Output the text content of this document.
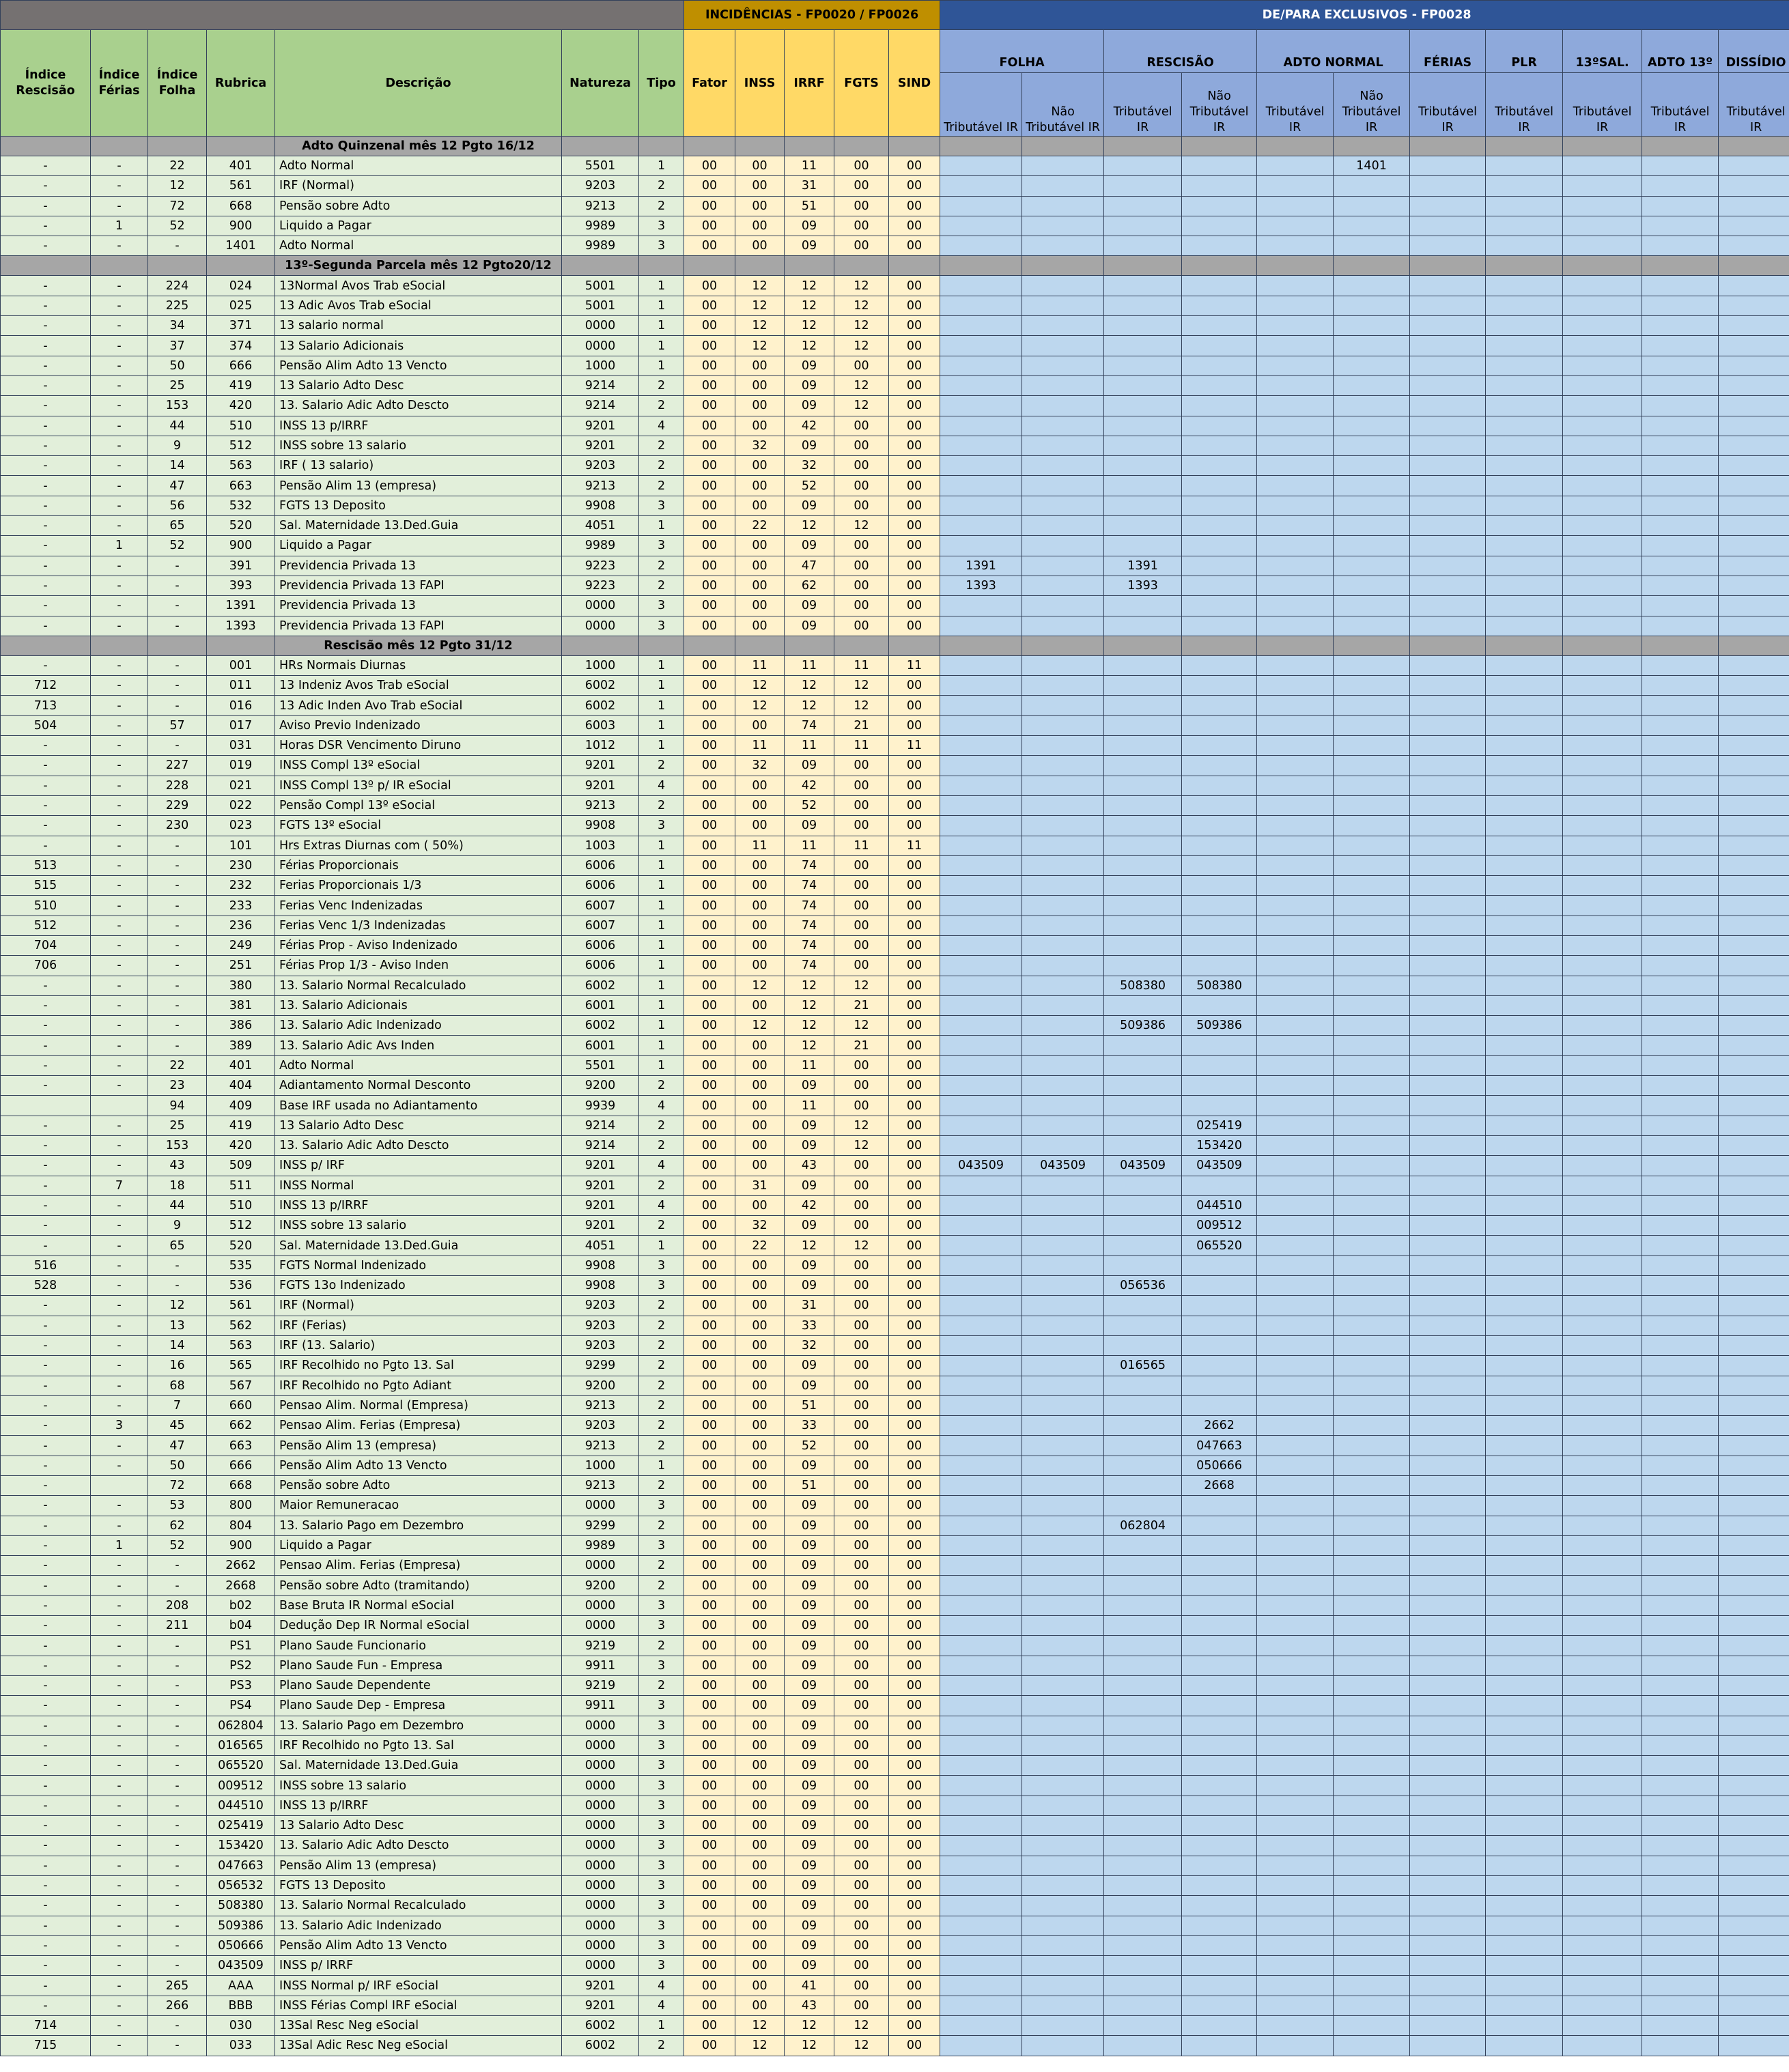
							INCIDÊNCIAS - FP0020 / FP0026					DE/PARA EXCLUSIVOS - FP0028										
Índice Rescisão	Índice Férias	Índice Folha	Rubrica	Descrição	Natureza	Tipo	Fator	INSS	IRRF	FGTS	SIND	FOLHA		RESCISÃO		ADTO NORMAL		FÉRIAS	PLR	13ºSAL.	ADTO 13º	DISSÍDIO
												Tributável IR	Não Tributável IR	Tributável IR	Não Tributável IR	Tributável IR	Não Tributável IR	Tributável IR	Tributável IR	Tributável IR	Tributável IR	Tributável IR
				Adto Quinzenal mês 12 Pgto 16/12																		
-	-	22	401	Adto Normal	5501	1	00	00	11	00	00						1401					
-	-	12	561	IRF (Normal)	9203	2	00	00	31	00	00											
-	-	72	668	Pensão sobre Adto	9213	2	00	00	51	00	00											
-	1	52	900	Liquido a Pagar	9989	3	00	00	09	00	00											
-	-	-	1401	Adto Normal	9989	3	00	00	09	00	00											
				13º-Segunda Parcela mês 12 Pgto20/12																		
-	-	224	024	13Normal Avos Trab eSocial	5001	1	00	12	12	12	00											
-	-	225	025	13 Adic Avos Trab eSocial	5001	1	00	12	12	12	00											
-	-	34	371	13 salario normal	0000	1	00	12	12	12	00											
-	-	37	374	13 Salario Adicionais	0000	1	00	12	12	12	00											
-	-	50	666	Pensão Alim Adto 13 Vencto	1000	1	00	00	09	00	00											
-	-	25	419	13 Salario Adto Desc	9214	2	00	00	09	12	00											
-	-	153	420	13. Salario Adic Adto Descto	9214	2	00	00	09	12	00											
-	-	44	510	INSS 13 p/IRRF	9201	4	00	00	42	00	00											
-	-	9	512	INSS sobre 13 salario	9201	2	00	32	09	00	00											
-	-	14	563	IRF ( 13 salario)	9203	2	00	00	32	00	00											
-	-	47	663	Pensão Alim 13 (empresa)	9213	2	00	00	52	00	00											
-	-	56	532	FGTS 13 Deposito	9908	3	00	00	09	00	00											
-	-	65	520	Sal. Maternidade 13.Ded.Guia	4051	1	00	22	12	12	00											
-	1	52	900	Liquido a Pagar	9989	3	00	00	09	00	00											
-	-	-	391	Previdencia Privada 13	9223	2	00	00	47	00	00	1391		1391								
-	-	-	393	Previdencia Privada 13 FAPI	9223	2	00	00	62	00	00	1393		1393								
-	-	-	1391	Previdencia Privada 13	0000	3	00	00	09	00	00											
-	-	-	1393	Previdencia Privada 13 FAPI	0000	3	00	00	09	00	00											
				Rescisão mês 12 Pgto 31/12																		
-	-	-	001	HRs Normais Diurnas	1000	1	00	11	11	11	11											
712	-	-	011	13 Indeniz Avos Trab eSocial	6002	1	00	12	12	12	00											
713	-	-	016	13 Adic Inden Avo Trab eSocial	6002	1	00	12	12	12	00											
504	-	57	017	Aviso Previo Indenizado	6003	1	00	00	74	21	00											
-	-	-	031	Horas DSR Vencimento Diruno	1012	1	00	11	11	11	11											
-	-	227	019	INSS Compl 13º eSocial	9201	2	00	32	09	00	00											
-	-	228	021	INSS Compl 13º p/ IR eSocial	9201	4	00	00	42	00	00											
-	-	229	022	Pensão Compl 13º eSocial	9213	2	00	00	52	00	00											
-	-	230	023	FGTS 13º eSocial	9908	3	00	00	09	00	00											
-	-	-	101	Hrs Extras Diurnas com ( 50%)	1003	1	00	11	11	11	11											
513	-	-	230	Férias Proporcionais	6006	1	00	00	74	00	00											
515	-	-	232	Ferias Proporcionais 1/3	6006	1	00	00	74	00	00											
510	-	-	233	Ferias Venc Indenizadas	6007	1	00	00	74	00	00											
512	-	-	236	Ferias Venc 1/3 Indenizadas	6007	1	00	00	74	00	00											
704	-	-	249	Férias Prop - Aviso Indenizado	6006	1	00	00	74	00	00											
706	-	-	251	Férias Prop 1/3 - Aviso Inden	6006	1	00	00	74	00	00											
-	-	-	380	13. Salario Normal Recalculado	6002	1	00	12	12	12	00			508380	508380							
-	-	-	381	13. Salario Adicionais	6001	1	00	00	12	21	00											
-	-	-	386	13. Salario Adic Indenizado	6002	1	00	12	12	12	00			509386	509386							
-	-	-	389	13. Salario Adic Avs Inden	6001	1	00	00	12	21	00											
-	-	22	401	Adto Normal	5501	1	00	00	11	00	00											
-	-	23	404	Adiantamento Normal Desconto	9200	2	00	00	09	00	00											
		94	409	Base IRF usada no Adiantamento	9939	4	00	00	11	00	00											
-	-	25	419	13 Salario Adto Desc	9214	2	00	00	09	12	00				025419							
-	-	153	420	13. Salario Adic Adto Descto	9214	2	00	00	09	12	00				153420							
-	-	43	509	INSS p/ IRF	9201	4	00	00	43	00	00	043509	043509	043509	043509							
-	7	18	511	INSS Normal	9201	2	00	31	09	00	00											
-	-	44	510	INSS 13 p/IRRF	9201	4	00	00	42	00	00				044510							
-	-	9	512	INSS sobre 13 salario	9201	2	00	32	09	00	00				009512							
-	-	65	520	Sal. Maternidade 13.Ded.Guia	4051	1	00	22	12	12	00				065520							
516	-	-	535	FGTS Normal Indenizado	9908	3	00	00	09	00	00											
528	-	-	536	FGTS 13o Indenizado	9908	3	00	00	09	00	00			056536								
-	-	12	561	IRF (Normal)	9203	2	00	00	31	00	00											
-	-	13	562	IRF (Ferias)	9203	2	00	00	33	00	00											
-	-	14	563	IRF (13. Salario)	9203	2	00	00	32	00	00											
-	-	16	565	IRF Recolhido no Pgto 13. Sal	9299	2	00	00	09	00	00			016565								
-	-	68	567	IRF Recolhido no Pgto Adiant	9200	2	00	00	09	00	00											
-	-	7	660	Pensao Alim. Normal (Empresa)	9213	2	00	00	51	00	00											
-	3	45	662	Pensao Alim. Ferias (Empresa)	9203	2	00	00	33	00	00				2662							
-	-	47	663	Pensão Alim 13 (empresa)	9213	2	00	00	52	00	00				047663							
-	-	50	666	Pensão Alim Adto 13 Vencto	1000	1	00	00	09	00	00				050666							
-		72	668	Pensão sobre Adto	9213	2	00	00	51	00	00				2668							
-	-	53	800	Maior Remuneracao	0000	3	00	00	09	00	00											
-	-	62	804	13. Salario Pago em Dezembro	9299	2	00	00	09	00	00			062804								
-	1	52	900	Liquido a Pagar	9989	3	00	00	09	00	00											
-	-	-	2662	Pensao Alim. Ferias (Empresa)	0000	2	00	00	09	00	00											
-	-	-	2668	Pensão sobre Adto (tramitando)	9200	2	00	00	09	00	00											
-	-	208	b02	Base Bruta IR Normal eSocial	0000	3	00	00	09	00	00											
-	-	211	b04	Dedução Dep IR Normal eSocial	0000	3	00	00	09	00	00											
-	-	-	PS1	Plano Saude Funcionario	9219	2	00	00	09	00	00											
-	-	-	PS2	Plano Saude Fun - Empresa	9911	3	00	00	09	00	00											
-	-	-	PS3	Plano Saude Dependente	9219	2	00	00	09	00	00											
-	-	-	PS4	Plano Saude Dep - Empresa	9911	3	00	00	09	00	00											
-	-	-	062804	13. Salario Pago em Dezembro	0000	3	00	00	09	00	00											
-	-	-	016565	IRF Recolhido no Pgto 13. Sal	0000	3	00	00	09	00	00											
-	-	-	065520	Sal. Maternidade 13.Ded.Guia	0000	3	00	00	09	00	00											
-	-	-	009512	INSS sobre 13 salario	0000	3	00	00	09	00	00											
-	-	-	044510	INSS 13 p/IRRF	0000	3	00	00	09	00	00											
-	-	-	025419	13 Salario Adto Desc	0000	3	00	00	09	00	00											
-	-	-	153420	13. Salario Adic Adto Descto	0000	3	00	00	09	00	00											
-	-	-	047663	Pensão Alim 13 (empresa)	0000	3	00	00	09	00	00											
-	-	-	056532	FGTS 13 Deposito	0000	3	00	00	09	00	00											
-	-	-	508380	13. Salario Normal Recalculado	0000	3	00	00	09	00	00											
-	-	-	509386	13. Salario Adic Indenizado	0000	3	00	00	09	00	00											
-	-	-	050666	Pensão Alim Adto 13 Vencto	0000	3	00	00	09	00	00											
-	-	-	043509	INSS p/ IRRF	0000	3	00	00	09	00	00											
-	-	265	AAA	INSS Normal p/ IRF eSocial	9201	4	00	00	41	00	00											
-	-	266	BBB	INSS Férias Compl IRF eSocial	9201	4	00	00	43	00	00											
714	-	-	030	13Sal Resc Neg eSocial	6002	1	00	12	12	12	00											
715	-	-	033	13Sal Adic Resc Neg eSocial	6002	2	00	12	12	12	00											
